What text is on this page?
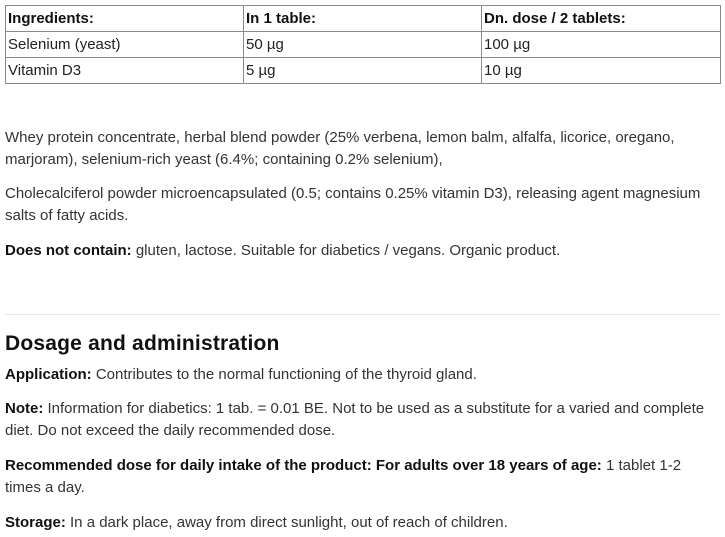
Ingredients:	In 1 table:	Dn. dose / 2 tablets:
Selenium (yeast)	50 µg	100 µg
Vitamin D3	5 µg	10 µg

Whey protein concentrate, herbal blend powder (25% verbena, lemon balm, alfalfa, licorice, oregano, marjoram), selenium-rich yeast (6.4%; containing 0.2% selenium),

Cholecalciferol powder microencapsulated (0.5; contains 0.25% vitamin D3), releasing agent magnesium salts of fatty acids.

Does not contain: gluten, lactose. Suitable for diabetics / vegans. Organic product.

Dosage and administration

Application: Contributes to the normal functioning of the thyroid gland.

Note: Information for diabetics: 1 tab. = 0.01 BE. Not to be used as a substitute for a varied and complete diet. Do not exceed the daily recommended dose.

Recommended dose for daily intake of the product: For adults over 18 years of age: 1 tablet 1-2 times a day.

Storage: In a dark place, away from direct sunlight, out of reach of children.
